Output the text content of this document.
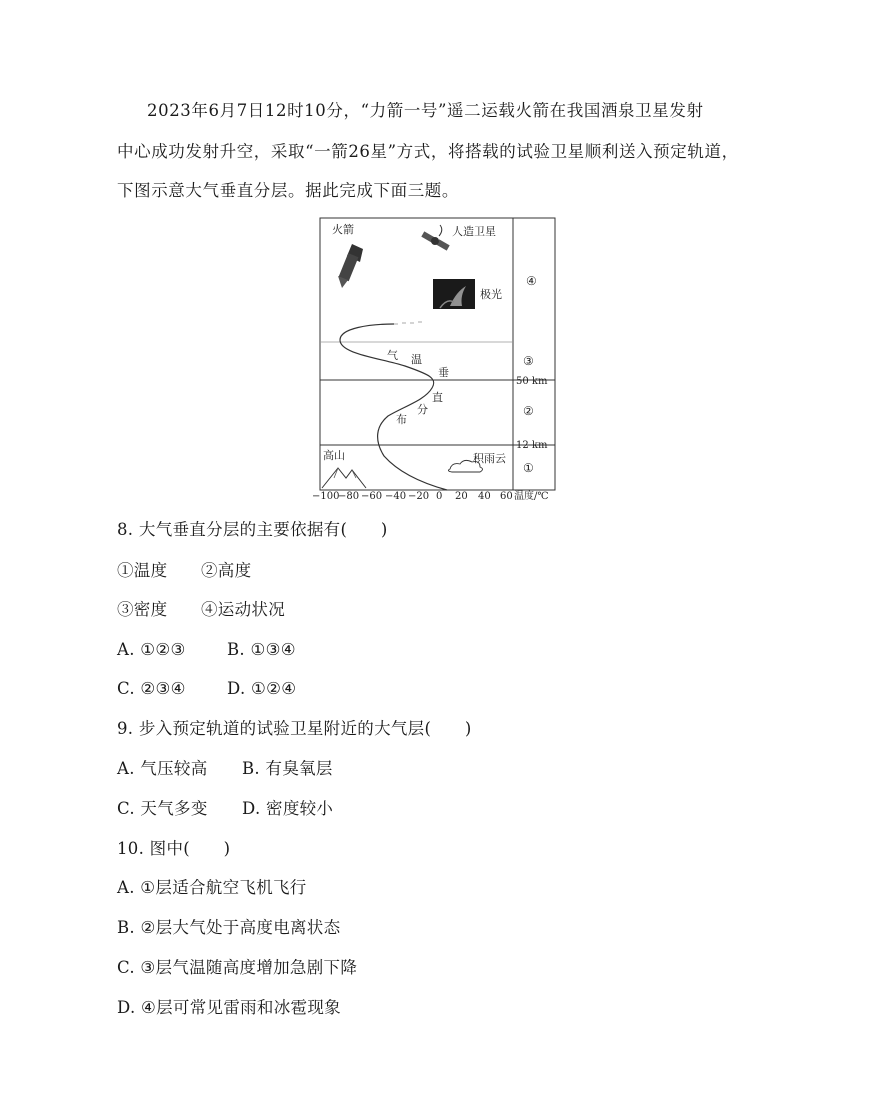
2023年6月7日12时10分，“力箭一号”遥二运载火箭在我国酒泉卫星发射
中心成功发射升空，采取“一箭26星”方式，将搭载的试验卫星顺利送入预定轨道，
下图示意大气垂直分层。据此完成下面三题。
火箭	人造卫星
极光
气 温
垂
直
分
布
高山	积雨云
④
③
50 km
②
12 km
①
−100
−80 −60 −40 −20 0 20 40 60 温度/℃
8. 大气垂直分层的主要依据有(　　)
①温度　　②高度
③密度　　④运动状况
A. ①②③	B. ①③④
C. ②③④	D. ①②④
9. 步入预定轨道的试验卫星附近的大气层(　　)
A. 气压较高 B. 有臭氧层
C. 天气多变 D. 密度较小
10. 图中(　　)
A. ①层适合航空飞机飞行
B. ②层大气处于高度电离状态
C. ③层气温随高度增加急剧下降
D. ④层可常见雷雨和冰雹现象
